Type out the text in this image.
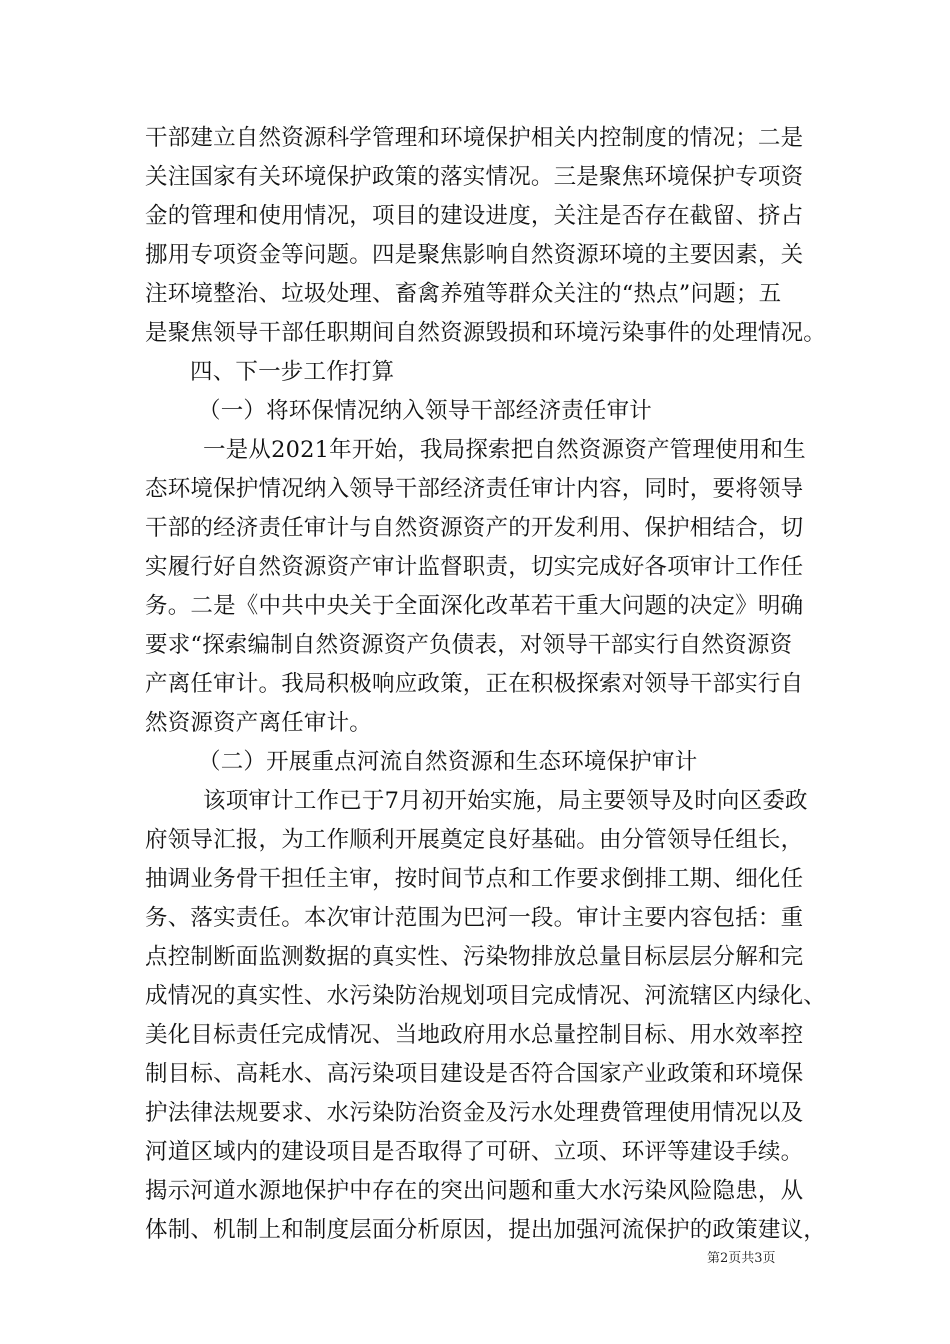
干部建立自然资源科学管理和环境保护相关内控制度的情况；二是
关注国家有关环境保护政策的落实情况。三是聚焦环境保护专项资
金的管理和使用情况，项目的建设进度，关注是否存在截留、挤占
挪用专项资金等问题。四是聚焦影响自然资源环境的主要因素，关
注环境整治、垃圾处理、畜禽养殖等群众关注的“热点”问题；五
是聚焦领导干部任职期间自然资源毁损和环境污染事件的处理情况。
四、下一步工作打算
（一）将环保情况纳入领导干部经济责任审计
一是从2021年开始，我局探索把自然资源资产管理使用和生
态环境保护情况纳入领导干部经济责任审计内容，同时，要将领导
干部的经济责任审计与自然资源资产的开发利用、保护相结合，切
实履行好自然资源资产审计监督职责，切实完成好各项审计工作任
务。二是《中共中央关于全面深化改革若干重大问题的决定》明确
要求“探索编制自然资源资产负债表，对领导干部实行自然资源资
产离任审计。我局积极响应政策，正在积极探索对领导干部实行自
然资源资产离任审计。
（二）开展重点河流自然资源和生态环境保护审计
该项审计工作已于7月初开始实施，局主要领导及时向区委政
府领导汇报，为工作顺利开展奠定良好基础。由分管领导任组长，
抽调业务骨干担任主审，按时间节点和工作要求倒排工期、细化任
务、落实责任。本次审计范围为巴河一段。审计主要内容包括：重
点控制断面监测数据的真实性、污染物排放总量目标层层分解和完
成情况的真实性、水污染防治规划项目完成情况、河流辖区内绿化、
美化目标责任完成情况、当地政府用水总量控制目标、用水效率控
制目标、高耗水、高污染项目建设是否符合国家产业政策和环境保
护法律法规要求、水污染防治资金及污水处理费管理使用情况以及
河道区域内的建设项目是否取得了可研、立项、环评等建设手续。
揭示河道水源地保护中存在的突出问题和重大水污染风险隐患，从
体制、机制上和制度层面分析原因，提出加强河流保护的政策建议，
第2页共3页
